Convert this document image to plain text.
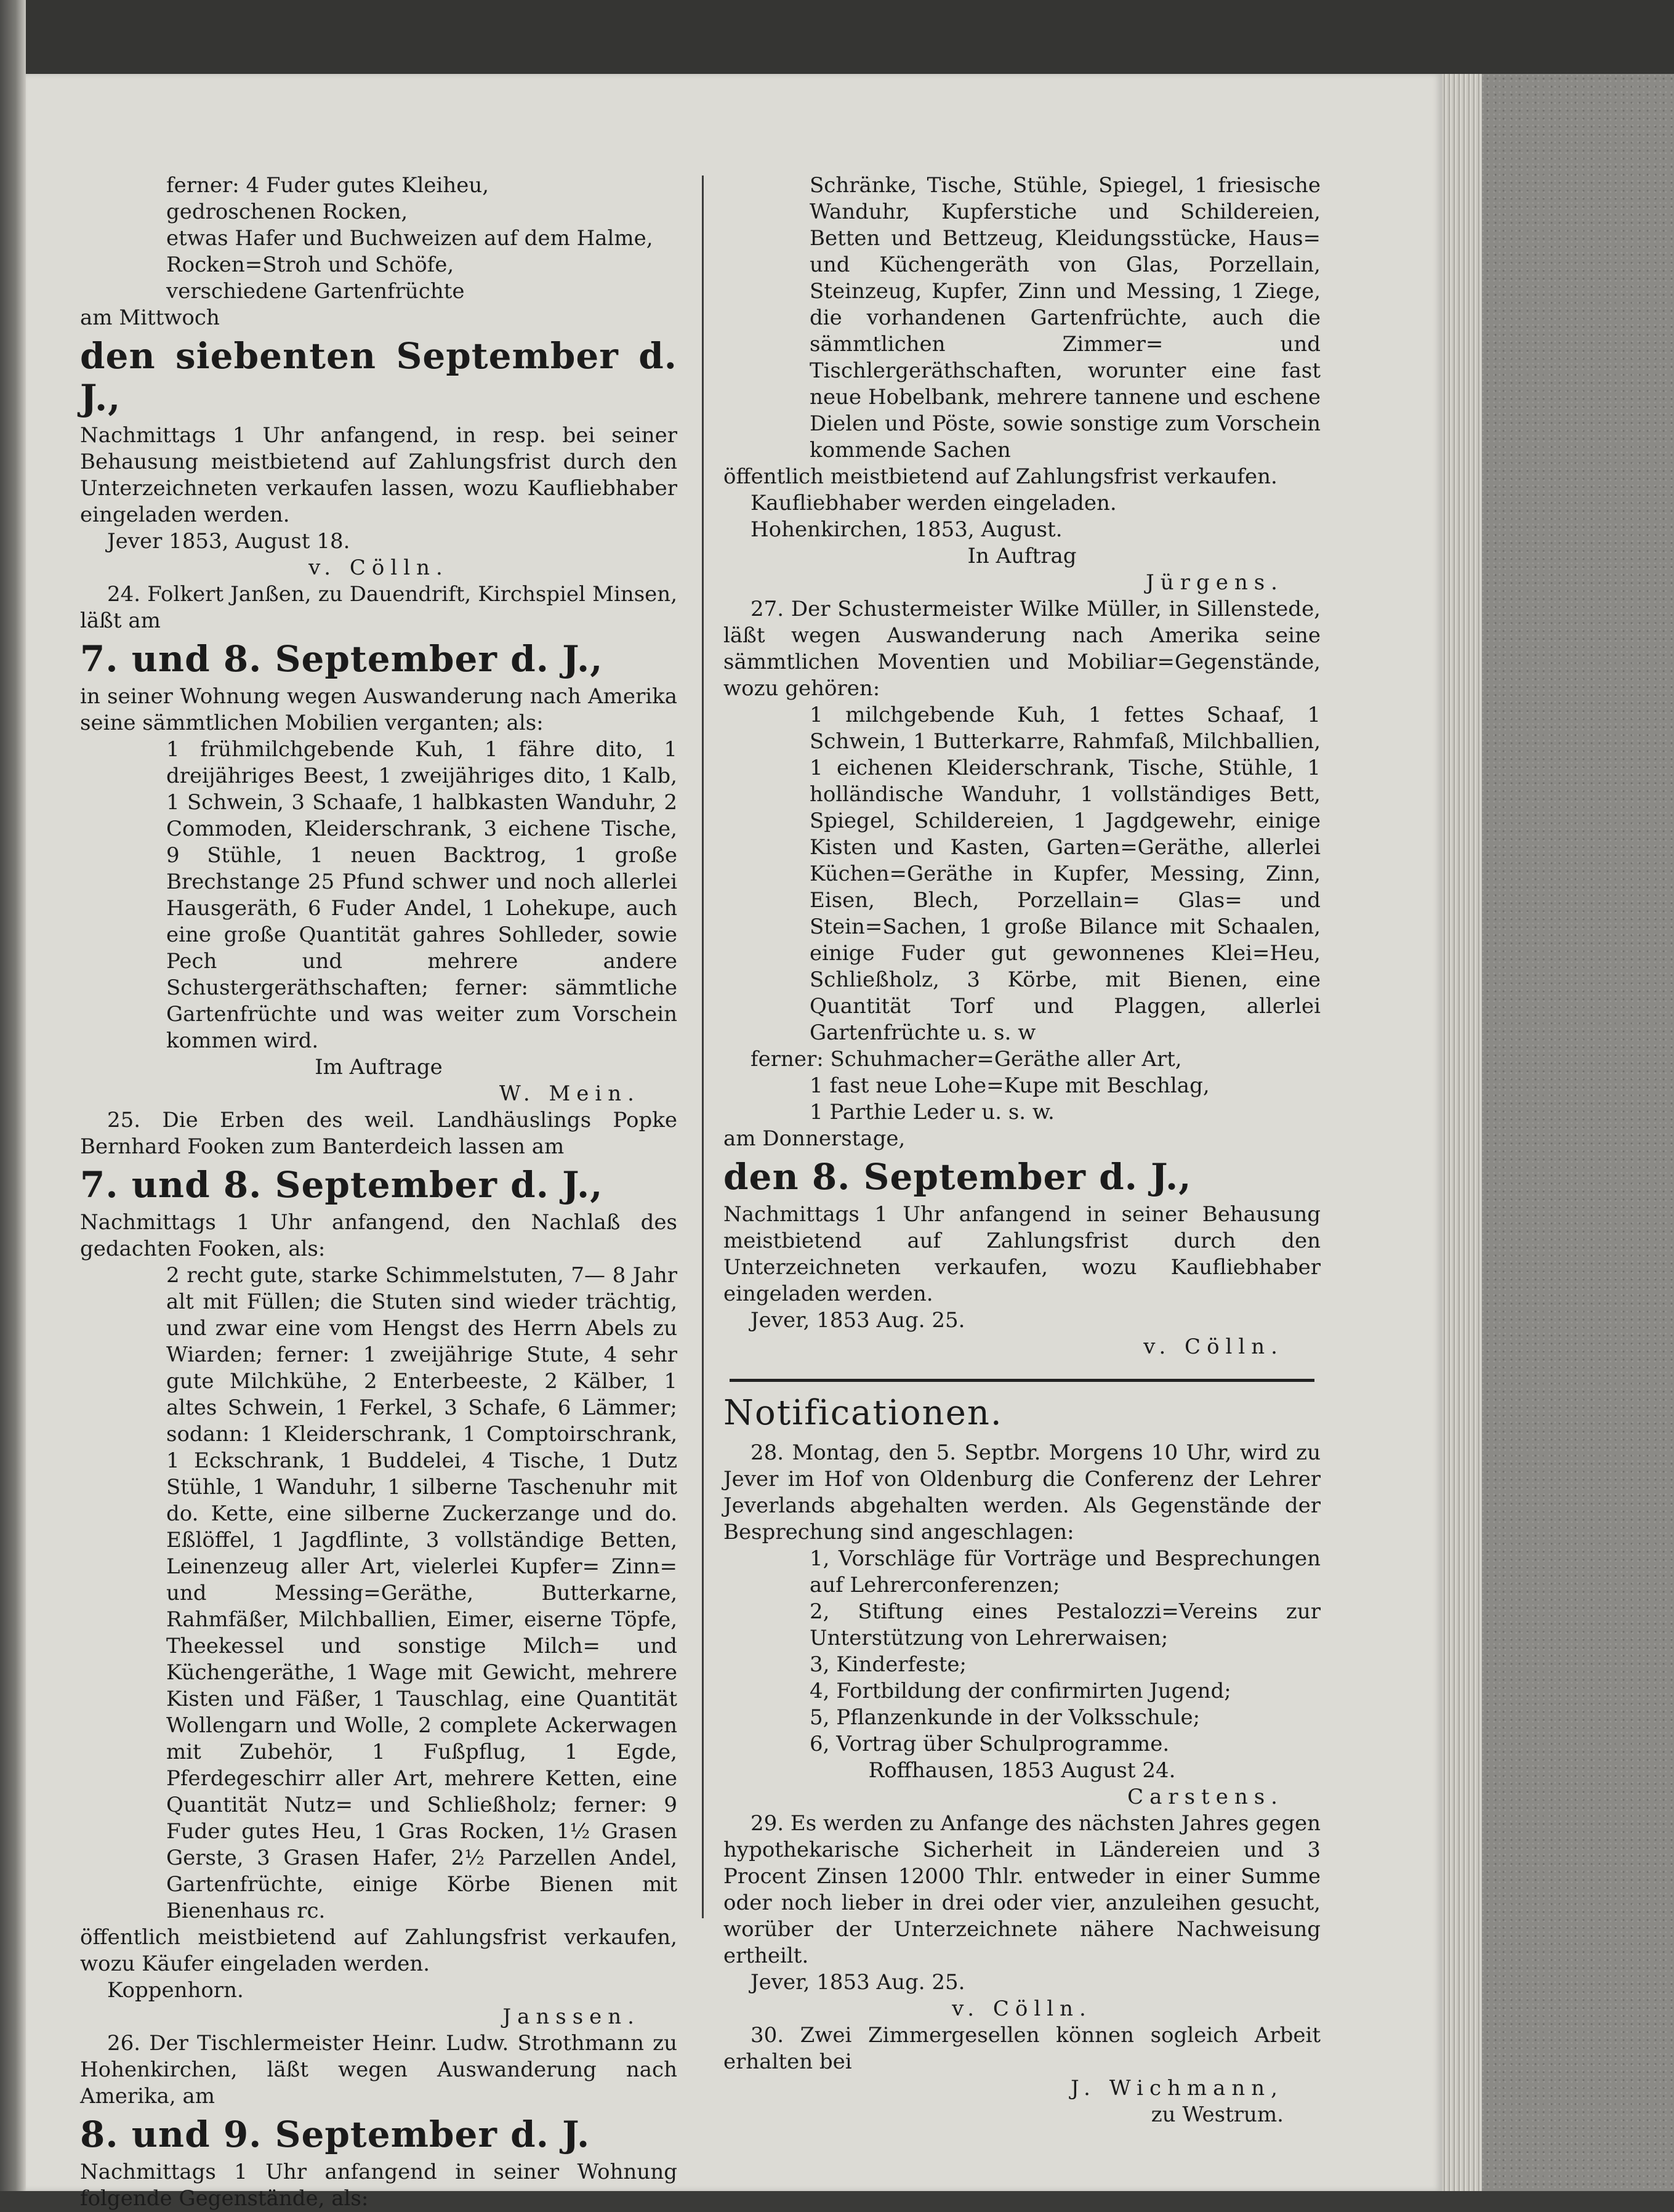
ferner: 4 Fuder gutes Kleiheu,

gedroschenen Rocken,

etwas Hafer und Buchweizen auf dem Halme,

Rocken=Stroh und Schöfe,

verschiedene Gartenfrüchte

am Mittwoch

den siebenten September d. J.,

Nachmittags 1 Uhr anfangend, in resp. bei seiner Behausung meistbietend auf Zahlungsfrist durch den Unterzeichneten verkaufen lassen, wozu Kaufliebhaber eingeladen werden.

Jever 1853, August 18.

v. Cölln.

24. Folkert Janßen, zu Dauendrift, Kirchspiel Minsen, läßt am

7. und 8. September d. J.,

in seiner Wohnung wegen Auswanderung nach Amerika seine sämmtlichen Mobilien verganten; als:

1 frühmilchgebende Kuh, 1 fähre dito, 1 dreijähriges Beest, 1 zweijähriges dito, 1 Kalb, 1 Schwein, 3 Schaafe, 1 halbkasten Wanduhr, 2 Commoden, Kleiderschrank, 3 eichene Tische, 9 Stühle, 1 neuen Backtrog, 1 große Brechstange 25 Pfund schwer und noch allerlei Hausgeräth, 6 Fuder Andel, 1 Lohekupe, auch eine große Quantität gahres Sohlleder, sowie Pech und mehrere andere Schustergeräthschaften; ferner: sämmtliche Gartenfrüchte und was weiter zum Vorschein kommen wird.

Im Auftrage

W. Mein.

25. Die Erben des weil. Landhäuslings Popke Bernhard Fooken zum Banterdeich lassen am

7. und 8. September d. J.,

Nachmittags 1 Uhr anfangend, den Nachlaß des gedachten Fooken, als:

2 recht gute, starke Schimmelstuten, 7— 8 Jahr alt mit Füllen; die Stuten sind wieder trächtig, und zwar eine vom Hengst des Herrn Abels zu Wiarden; ferner: 1 zweijährige Stute, 4 sehr gute Milchkühe, 2 Enterbeeste, 2 Kälber, 1 altes Schwein, 1 Ferkel, 3 Schafe, 6 Lämmer; sodann: 1 Kleiderschrank, 1 Comptoirschrank, 1 Eckschrank, 1 Buddelei, 4 Tische, 1 Dutz Stühle, 1 Wanduhr, 1 silberne Taschenuhr mit do. Kette, eine silberne Zuckerzange und do. Eßlöffel, 1 Jagdflinte, 3 vollständige Betten, Leinenzeug aller Art, vielerlei Kupfer= Zinn= und Messing=Geräthe, Butterkarne, Rahmfäßer, Milchballien, Eimer, eiserne Töpfe, Theekessel und sonstige Milch= und Küchengeräthe, 1 Wage mit Gewicht, mehrere Kisten und Fäßer, 1 Tauschlag, eine Quantität Wollengarn und Wolle, 2 complete Ackerwagen mit Zubehör, 1 Fußpflug, 1 Egde, Pferdegeschirr aller Art, mehrere Ketten, eine Quantität Nutz= und Schließholz; ferner: 9 Fuder gutes Heu, 1 Gras Rocken, 1½ Grasen Gerste, 3 Grasen Hafer, 2½ Parzellen Andel, Gartenfrüchte, einige Körbe Bienen mit Bienenhaus rc.

öffentlich meistbietend auf Zahlungsfrist verkaufen, wozu Käufer eingeladen werden.

Koppenhorn.

Janssen.

26. Der Tischlermeister Heinr. Ludw. Strothmann zu Hohenkirchen, läßt wegen Auswanderung nach Amerika, am

8. und 9. September d. J.

Nachmittags 1 Uhr anfangend in seiner Wohnung folgende Gegenstände, als:

Schränke, Tische, Stühle, Spiegel, 1 friesische Wanduhr, Kupferstiche und Schildereien, Betten und Bettzeug, Kleidungsstücke, Haus= und Küchengeräth von Glas, Porzellain, Steinzeug, Kupfer, Zinn und Messing, 1 Ziege, die vorhandenen Gartenfrüchte, auch die sämmtlichen Zimmer= und Tischlergeräthschaften, worunter eine fast neue Hobelbank, mehrere tannene und eschene Dielen und Pöste, sowie sonstige zum Vorschein kommende Sachen

öffentlich meistbietend auf Zahlungsfrist verkaufen.

Kaufliebhaber werden eingeladen.

Hohenkirchen, 1853, August.

In Auftrag

Jürgens.

27. Der Schustermeister Wilke Müller, in Sillenstede, läßt wegen Auswanderung nach Amerika seine sämmtlichen Moventien und Mobiliar=Gegenstände, wozu gehören:

1 milchgebende Kuh, 1 fettes Schaaf, 1 Schwein, 1 Butterkarre, Rahmfaß, Milchballien, 1 eichenen Kleiderschrank, Tische, Stühle, 1 holländische Wanduhr, 1 vollständiges Bett, Spiegel, Schildereien, 1 Jagdgewehr, einige Kisten und Kasten, Garten=Geräthe, allerlei Küchen=Geräthe in Kupfer, Messing, Zinn, Eisen, Blech, Porzellain= Glas= und Stein=Sachen, 1 große Bilance mit Schaalen, einige Fuder gut gewonnenes Klei=Heu, Schließholz, 3 Körbe, mit Bienen, eine Quantität Torf und Plaggen, allerlei Gartenfrüchte u. s. w

ferner: Schuhmacher=Geräthe aller Art,

1 fast neue Lohe=Kupe mit Beschlag,

1 Parthie Leder u. s. w.

am Donnerstage,

den 8. September d. J.,

Nachmittags 1 Uhr anfangend in seiner Behausung meistbietend auf Zahlungsfrist durch den Unterzeichneten verkaufen, wozu Kaufliebhaber eingeladen werden.

Jever, 1853 Aug. 25.

v. Cölln.

Notificationen.

28. Montag, den 5. Septbr. Morgens 10 Uhr, wird zu Jever im Hof von Oldenburg die Conferenz der Lehrer Jeverlands abgehalten werden. Als Gegenstände der Besprechung sind angeschlagen:

1, Vorschläge für Vorträge und Besprechungen auf Lehrerconferenzen;

2, Stiftung eines Pestalozzi=Vereins zur Unterstützung von Lehrerwaisen;

3, Kinderfeste;

4, Fortbildung der confirmirten Jugend;

5, Pflanzenkunde in der Volksschule;

6, Vortrag über Schulprogramme.

Roffhausen, 1853 August 24.

Carstens.

29. Es werden zu Anfange des nächsten Jahres gegen hypothekarische Sicherheit in Ländereien und 3 Procent Zinsen 12000 Thlr. entweder in einer Summe oder noch lieber in drei oder vier, anzuleihen gesucht, worüber der Unterzeichnete nähere Nachweisung ertheilt.

Jever, 1853 Aug. 25.

v. Cölln.

30. Zwei Zimmergesellen können sogleich Arbeit erhalten bei

J. Wichmann,

zu Westrum.
